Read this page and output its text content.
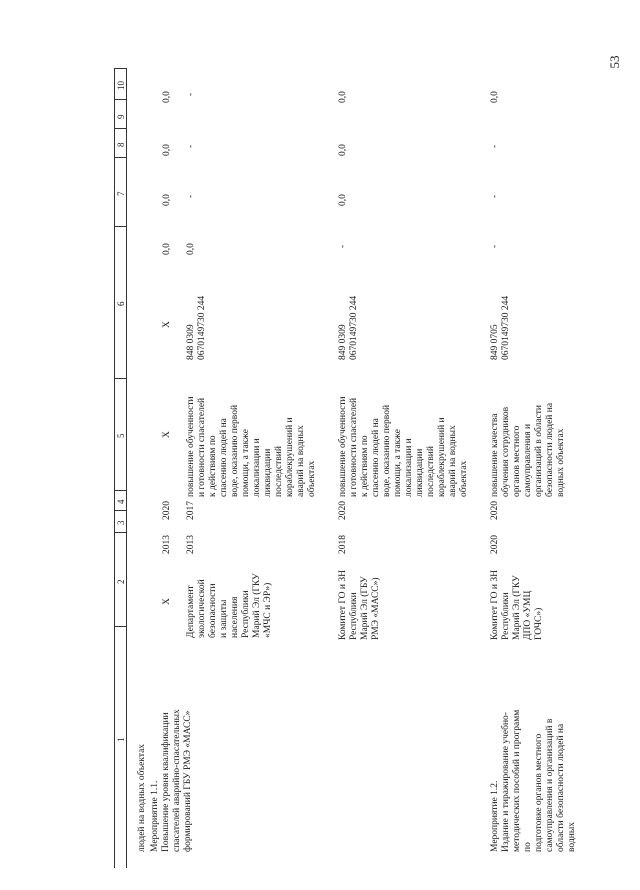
53
10
9
8
7
6
5
4
3
2
1
людей на водных объектах Мероприятие 1.1.
Повышение уровня квалификации
спасателей аварийно-спасательных
формирований ГБУ РМЭ «МАСС»
X
2013
2020
X
X
0,0
0,0
0,0
0,0
Департамент
экологической
безопасности
и защиты
населения
Республики
Марий Эл (ГКУ
«МЧС и ЭР»)
2013
2017
повышение обученности
и готовности спасателей
к действиям по
спасению людей на
воде, оказанию первой
помощи, а также
локализации и
ликвидации
последствий
кораблекрушений и
аварий на водных
объектах
848 0309
0670149730 244
0,0
-
-
-
Комитет ГО и ЗН
Республики
Марий Эл (ГБУ
РМЭ «МАСС»)
2018
2020
повышение обученности
и готовности спасателей
к действиям по
спасению людей на
воде, оказанию первой
помощи, а также
локализации и
ликвидации
последствий
кораблекрушений и
аварий на водных
объектах
849 0309
0670149730 244
-
0,0
0,0
0,0
Мероприятие 1.2.
Издание и тиражирование учебно-
методических пособий и программ по
подготовке органов местного
самоуправления и организаций в
области безопасности людей на водных
Комитет ГО и ЗН
Республики
Марий Эл (ГКУ
ДПО «УМЦ
ГОЧС»)
2020
2020
повышение качества
обучения сотрудников
органов местного
самоуправления и
организаций в области
безопасности людей на
водных объектах
849 0705
0670149730 244
-
-
-
0,0
